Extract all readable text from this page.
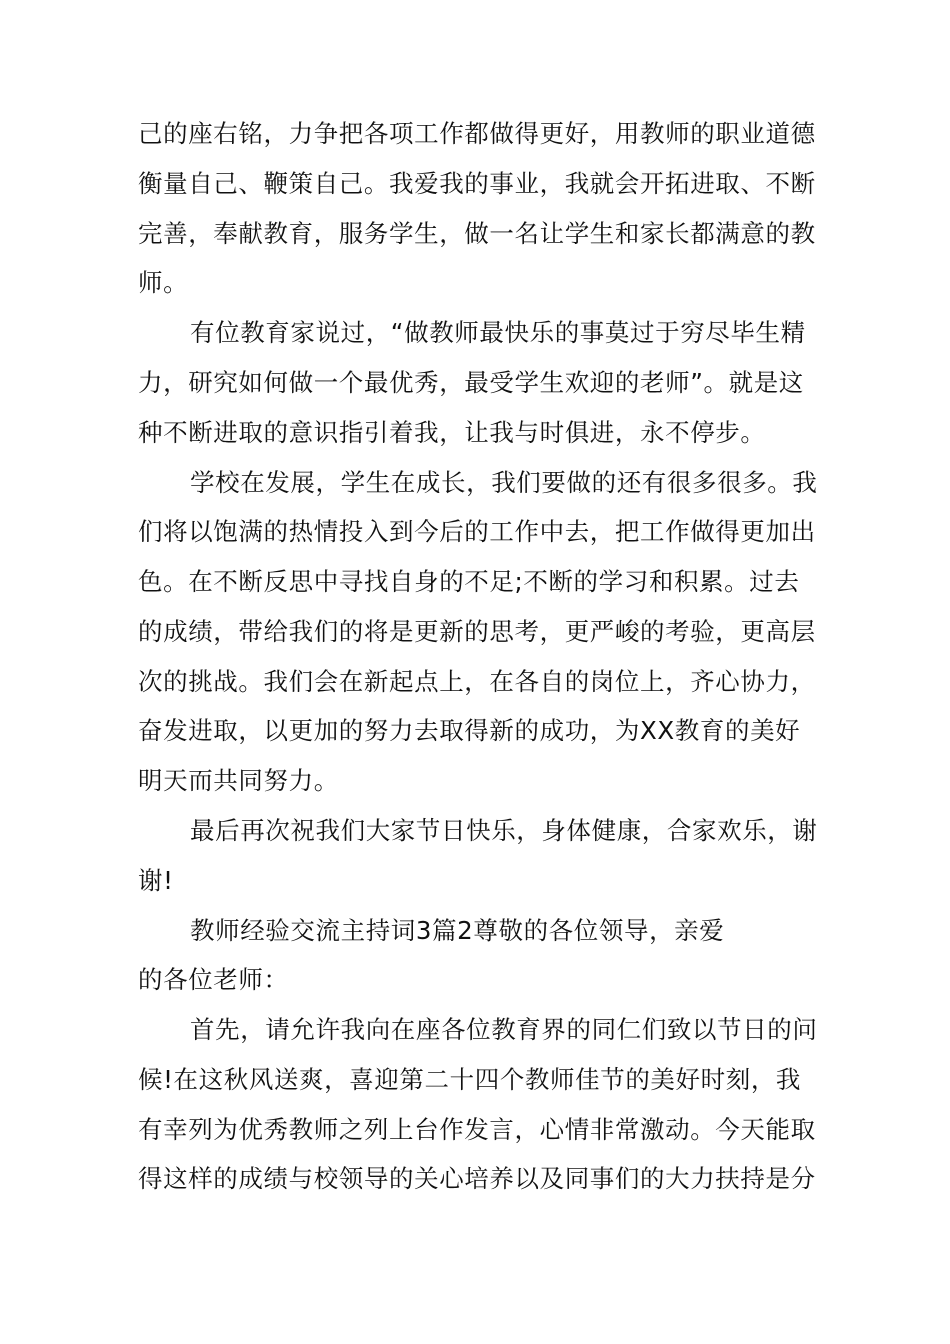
己的座右铭，力争把各项工作都做得更好，用教师的职业道德
衡量自己、鞭策自己。我爱我的事业，我就会开拓进取、不断
完善，奉献教育，服务学生，做一名让学生和家长都满意的教
师。
有位教育家说过，“做教师最快乐的事莫过于穷尽毕生精
力，研究如何做一个最优秀，最受学生欢迎的老师”。就是这
种不断进取的意识指引着我，让我与时俱进，永不停步。
学校在发展，学生在成长，我们要做的还有很多很多。我
们将以饱满的热情投入到今后的工作中去，把工作做得更加出
色。在不断反思中寻找自身的不足;不断的学习和积累。过去
的成绩，带给我们的将是更新的思考，更严峻的考验，更高层
次的挑战。我们会在新起点上，在各自的岗位上，齐心协力，
奋发进取，以更加的努力去取得新的成功，为XX教育的美好
明天而共同努力。
最后再次祝我们大家节日快乐，身体健康，合家欢乐，谢
谢!
教师经验交流主持词3篇2尊敬的各位领导，亲爱
的各位老师：
首先，请允许我向在座各位教育界的同仁们致以节日的问
候!在这秋风送爽，喜迎第二十四个教师佳节的美好时刻，我
有幸列为优秀教师之列上台作发言，心情非常激动。今天能取
得这样的成绩与校领导的关心培养以及同事们的大力扶持是分
